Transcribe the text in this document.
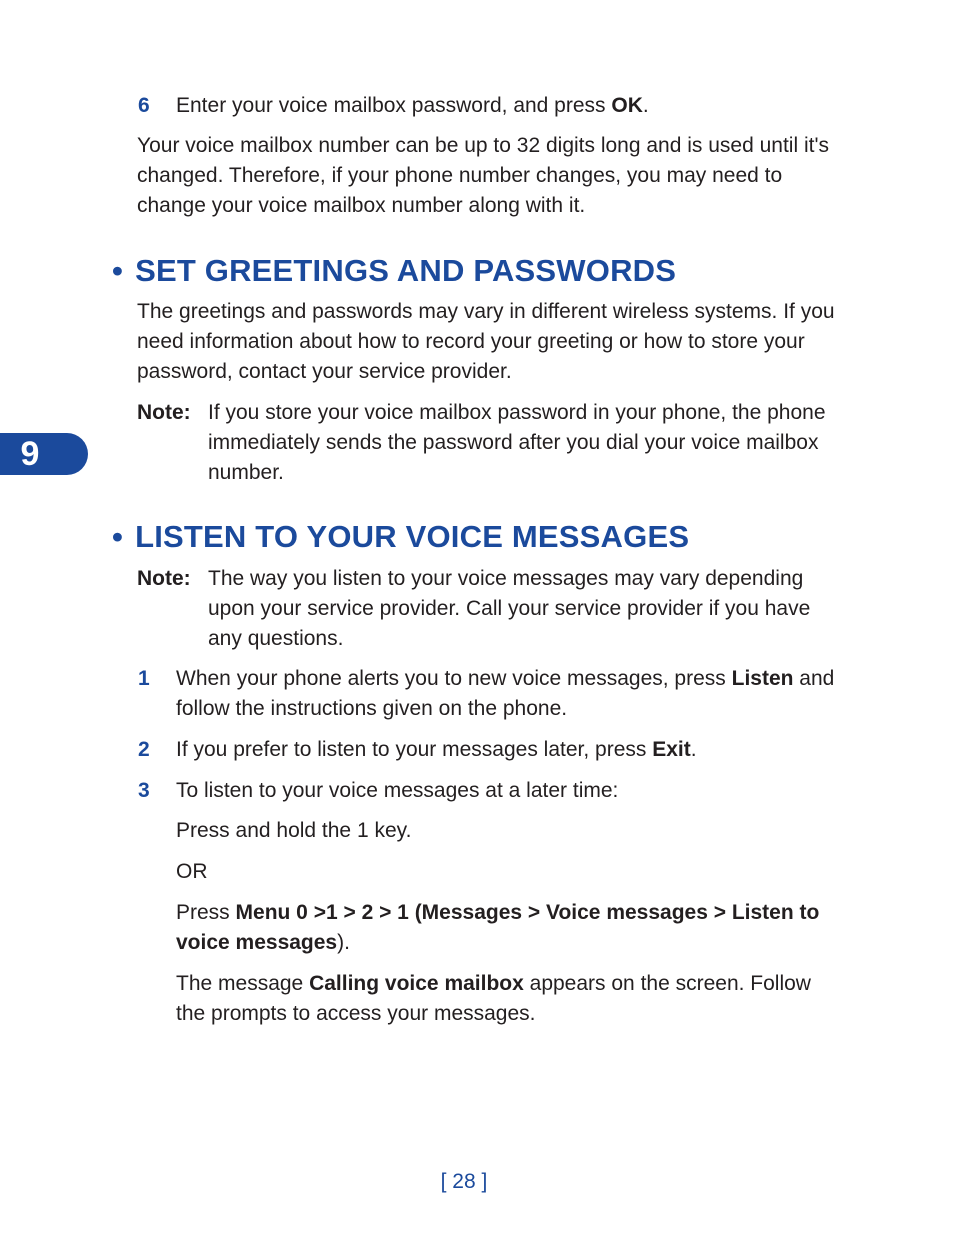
9
6 Enter your voice mailbox password, and press OK.
Your voice mailbox number can be up to 32 digits long and is used until it's changed. Therefore, if your phone number changes, you may need to change your voice mailbox number along with it.
• SET GREETINGS AND PASSWORDS
The greetings and passwords may vary in different wireless systems. If you need information about how to record your greeting or how to store your password, contact your service provider.
Note: If you store your voice mailbox password in your phone, the phone immediately sends the password after you dial your voice mailbox number.
• LISTEN TO YOUR VOICE MESSAGES
Note: The way you listen to your voice messages may vary depending upon your service provider. Call your service provider if you have any questions.
1 When your phone alerts you to new voice messages, press Listen and follow the instructions given on the phone.
2 If you prefer to listen to your messages later, press Exit.
3 To listen to your voice messages at a later time:
Press and hold the 1 key.
OR
Press Menu 0 >1 > 2 > 1 (Messages > Voice messages > Listen to voice messages).
The message Calling voice mailbox appears on the screen. Follow the prompts to access your messages.
[ 28 ]
